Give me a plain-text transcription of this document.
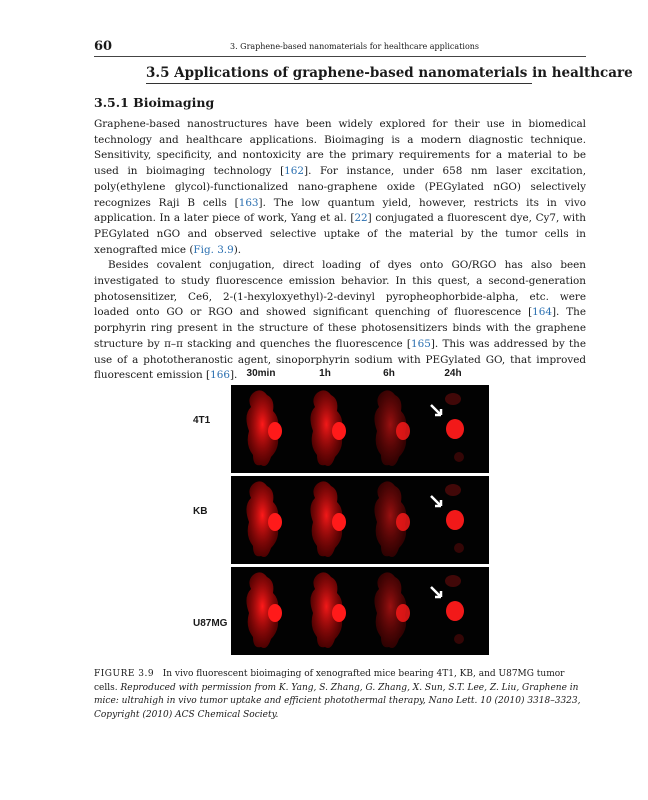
60	3. Graphene-based nanomaterials for healthcare applications
3.5 Applications of graphene-based nanomaterials in healthcare
3.5.1 Bioimaging

Graphene-based nanostructures have been widely explored for their use in biomedical technology and healthcare applications. Bioimaging is a modern diagnostic technique. Sensitivity, specificity, and nontoxicity are the primary requirements for a material to be used in bioimaging technology [162]. For instance, under 658 nm laser excitation, poly(ethylene glycol)-functionalized nano-graphene oxide (PEGylated nGO) selectively recognizes Raji B cells [163]. The low quantum yield, however, restricts its in vivo application. In a later piece of work, Yang et al. [22] conjugated a fluorescent dye, Cy7, with PEGylated nGO and observed selective uptake of the material by the tumor cells in xenografted mice (Fig. 3.9).

Besides covalent conjugation, direct loading of dyes onto GO/RGO has also been investigated to study fluorescence emission behavior. In this quest, a second-generation photosensitizer, Ce6, 2-(1-hexyloxyethyl)-2-devinyl pyropheophorbide-alpha, etc. were loaded onto GO or RGO and showed significant quenching of fluorescence [164]. The porphyrin ring present in the structure of these photosensitizers binds with the graphene structure by π–π stacking and quenches the fluorescence [165]. This was addressed by the use of a phototheranostic agent, sinoporphyrin sodium with PEGylated GO, that improved fluorescent emission [166]. 30min	1h	6h	24h
4T1
KB
U87MG
FIGURE 3.9 In vivo fluorescent bioimaging of xenografted mice bearing 4T1, KB, and U87MG tumor cells. Reproduced with permission from K. Yang, S. Zhang, G. Zhang, X. Sun, S.T. Lee, Z. Liu, Graphene in mice: ultrahigh in vivo tumor uptake and efficient photothermal therapy, Nano Lett. 10 (2010) 3318–3323, Copyright (2010) ACS Chemical Society.
